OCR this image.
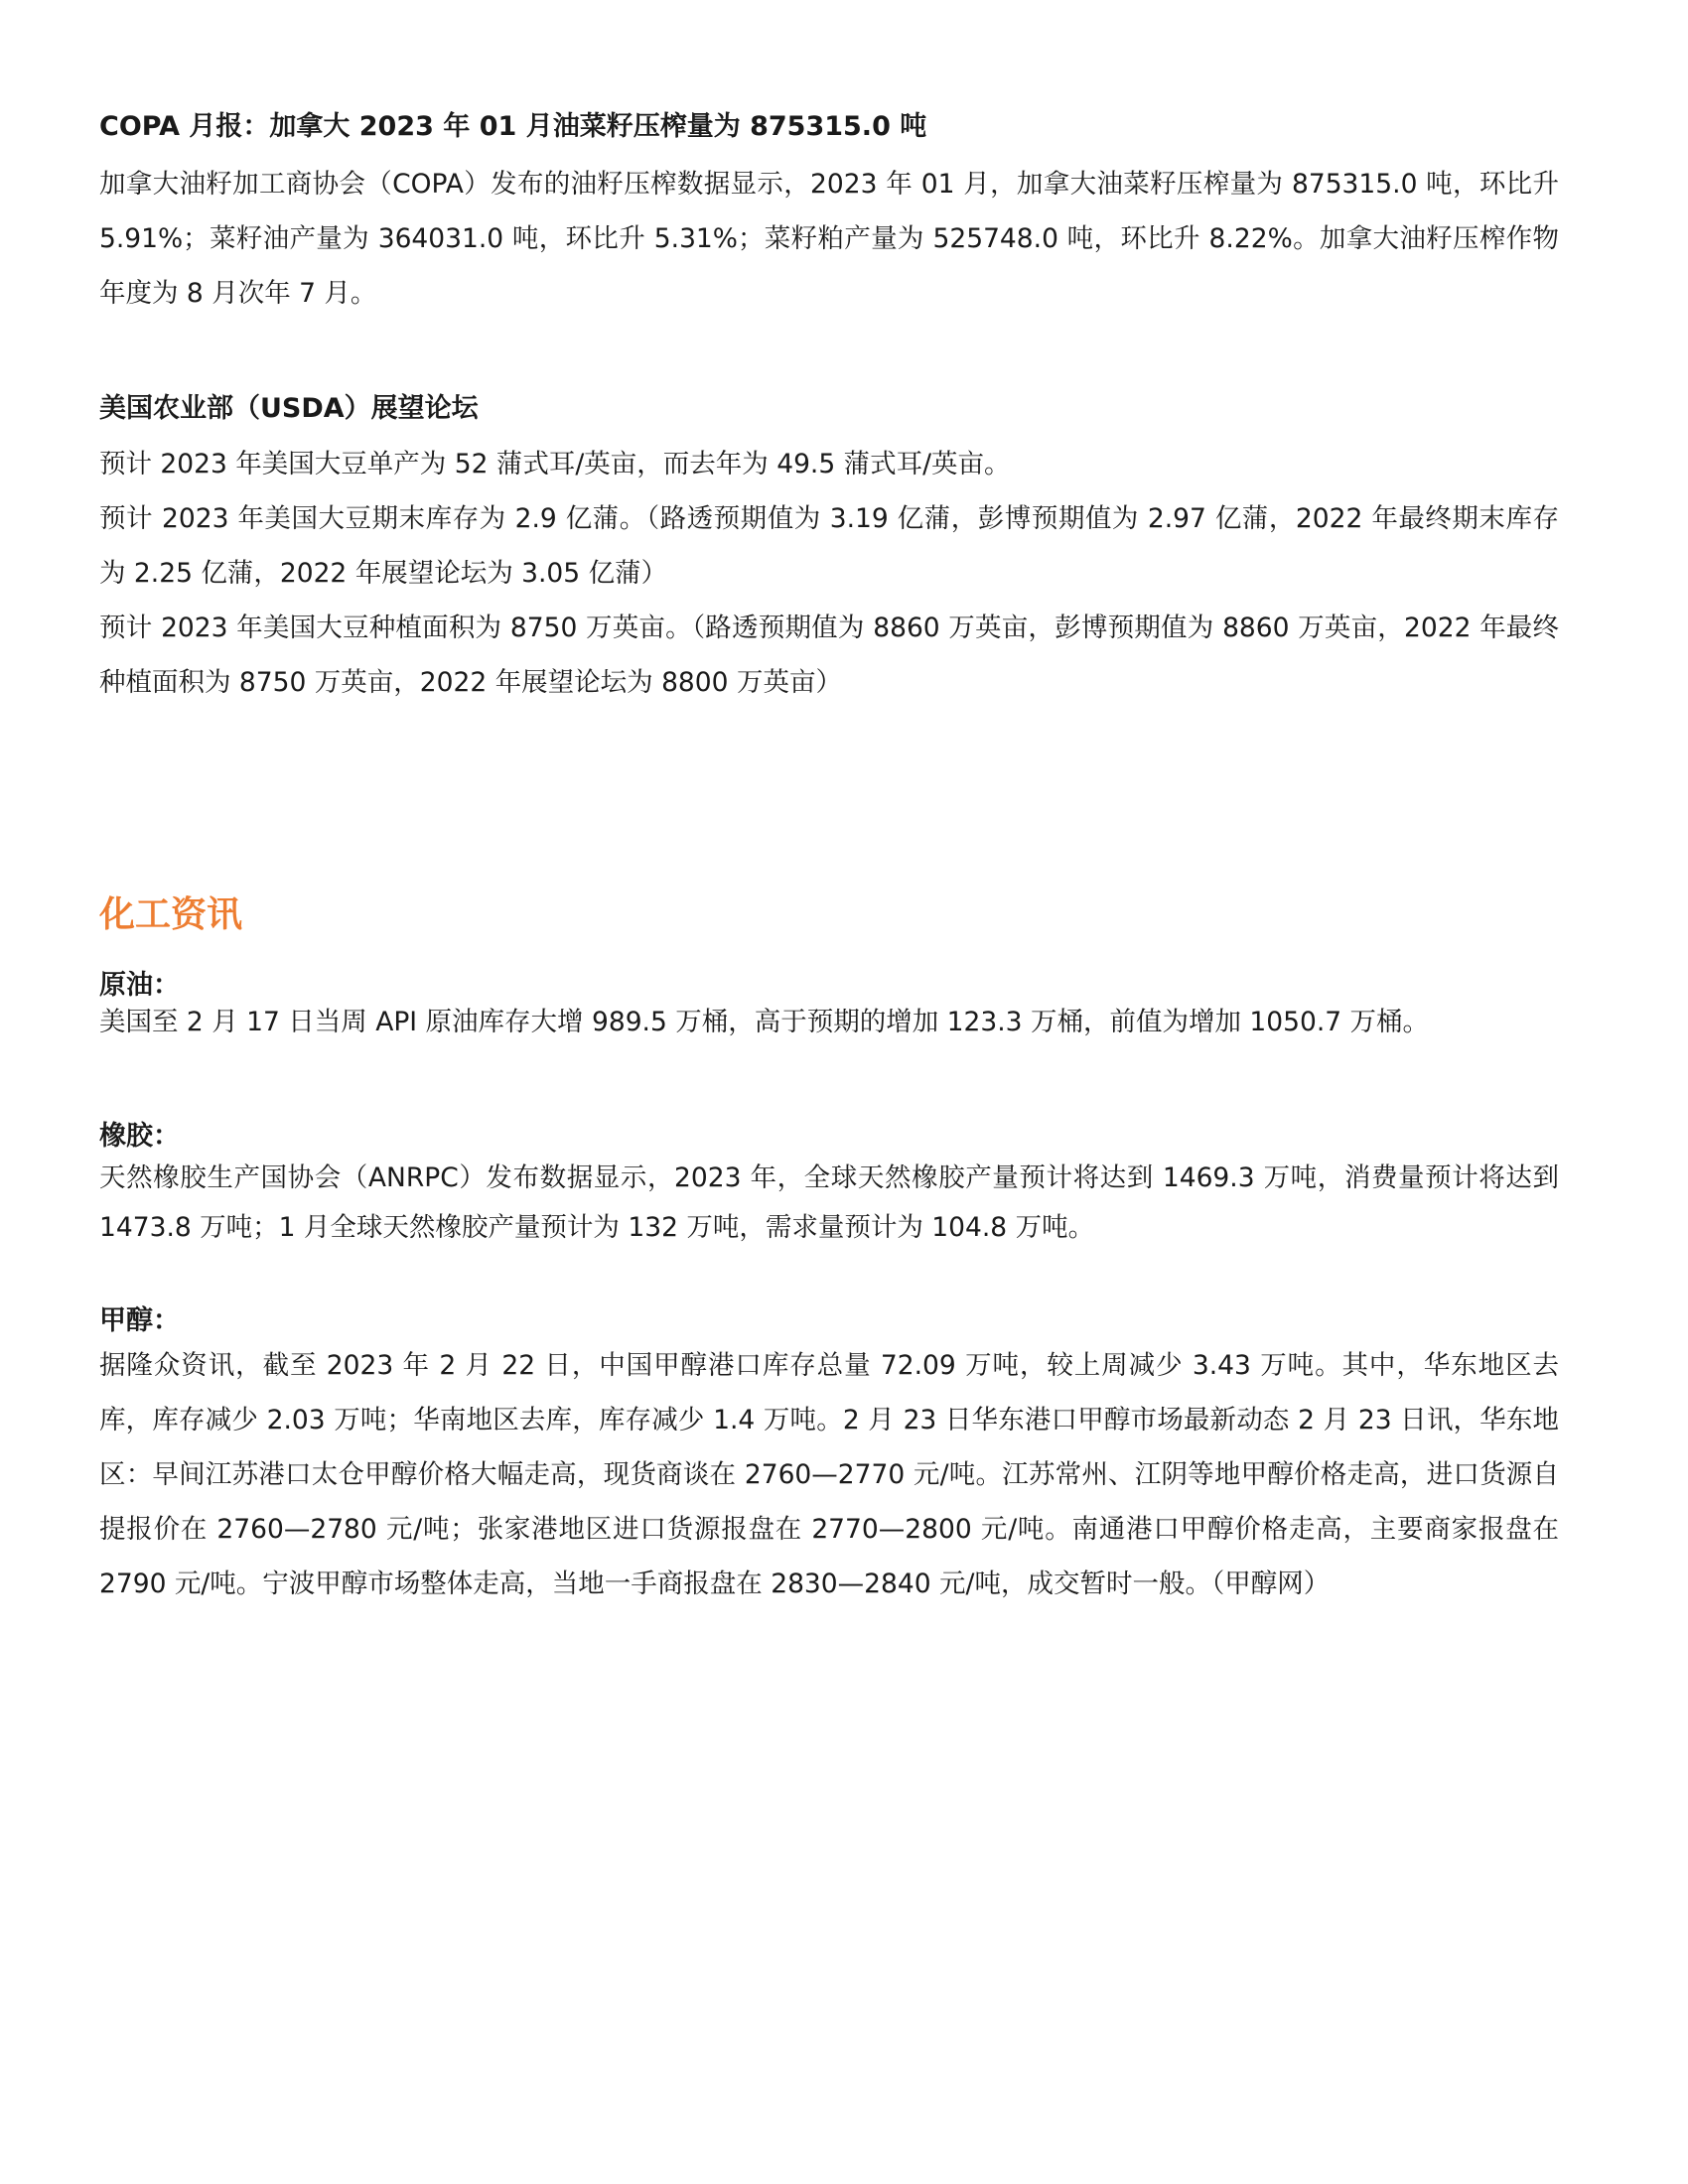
COPA 月报：加拿大 2023 年 01 月油菜籽压榨量为 875315.0 吨

加拿大油籽加工商协会（COPA）发布的油籽压榨数据显示，2023 年 01 月，加拿大油菜籽压榨量为 875315.0 吨，环比升 5.91%；菜籽油产量为 364031.0 吨，环比升 5.31%；菜籽粕产量为 525748.0 吨，环比升 8.22%。加拿大油籽压榨作物年度为 8 月次年 7 月。

美国农业部（USDA）展望论坛

预计 2023 年美国大豆单产为 52 蒲式耳/英亩，而去年为 49.5 蒲式耳/英亩。

预计 2023 年美国大豆期末库存为 2.9 亿蒲。（路透预期值为 3.19 亿蒲，彭博预期值为 2.97 亿蒲，2022 年最终期末库存为 2.25 亿蒲，2022 年展望论坛为 3.05 亿蒲）

预计 2023 年美国大豆种植面积为 8750 万英亩。（路透预期值为 8860 万英亩，彭博预期值为 8860 万英亩，2022 年最终种植面积为 8750 万英亩，2022 年展望论坛为 8800 万英亩）

化工资讯

原油：

美国至 2 月 17 日当周 API 原油库存大增 989.5 万桶，高于预期的增加 123.3 万桶，前值为增加 1050.7 万桶。

橡胶：

天然橡胶生产国协会（ANRPC）发布数据显示，2023 年，全球天然橡胶产量预计将达到 1469.3 万吨，消费量预计将达到 1473.8 万吨；1 月全球天然橡胶产量预计为 132 万吨，需求量预计为 104.8 万吨。

甲醇：

据隆众资讯，截至 2023 年 2 月 22 日，中国甲醇港口库存总量 72.09 万吨，较上周减少 3.43 万吨。其中，华东地区去库，库存减少 2.03 万吨；华南地区去库，库存减少 1.4 万吨。2 月 23 日华东港口甲醇市场最新动态 2 月 23 日讯，华东地区：早间江苏港口太仓甲醇价格大幅走高，现货商谈在 2760—2770 元/吨。江苏常州、江阴等地甲醇价格走高，进口货源自提报价在 2760—2780 元/吨；张家港地区进口货源报盘在 2770—2800 元/吨。南通港口甲醇价格走高，主要商家报盘在 2790 元/吨。宁波甲醇市场整体走高，当地一手商报盘在 2830—2840 元/吨，成交暂时一般。（甲醇网）
